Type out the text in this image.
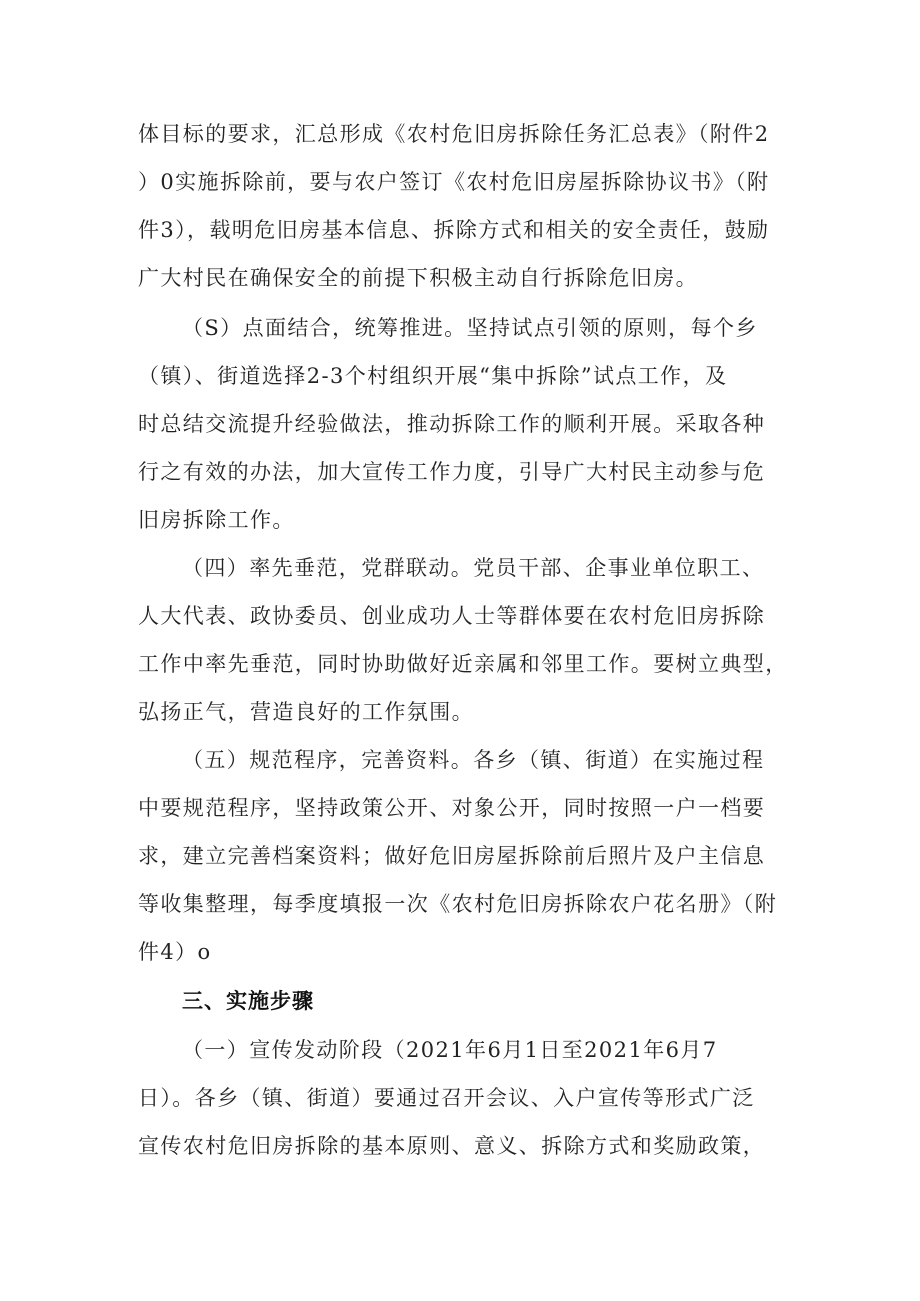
体目标的要求，汇总形成《农村危旧房拆除任务汇总表》（附件2
）0实施拆除前，要与农户签订《农村危旧房屋拆除协议书》（附
件3），载明危旧房基本信息、拆除方式和相关的安全责任，鼓励
广大村民在确保安全的前提下积极主动自行拆除危旧房。
（S）点面结合，统筹推进。坚持试点引领的原则，每个乡
（镇）、街道选择2-3个村组织开展“集中拆除”试点工作，及
时总结交流提升经验做法，推动拆除工作的顺利开展。采取各种
行之有效的办法，加大宣传工作力度，引导广大村民主动参与危
旧房拆除工作。
（四）率先垂范，党群联动。党员干部、企事业单位职工、
人大代表、政协委员、创业成功人士等群体要在农村危旧房拆除
工作中率先垂范，同时协助做好近亲属和邻里工作。要树立典型，
弘扬正气，营造良好的工作氛围。
（五）规范程序，完善资料。各乡（镇、街道）在实施过程
中要规范程序，坚持政策公开、对象公开，同时按照一户一档要
求，建立完善档案资料；做好危旧房屋拆除前后照片及户主信息
等收集整理，每季度填报一次《农村危旧房拆除农户花名册》（附
件4）o
三、实施步骤
（一）宣传发动阶段（2021年6月1日至2021年6月7
日）。各乡（镇、街道）要通过召开会议、入户宣传等形式广泛
宣传农村危旧房拆除的基本原则、意义、拆除方式和奖励政策，
